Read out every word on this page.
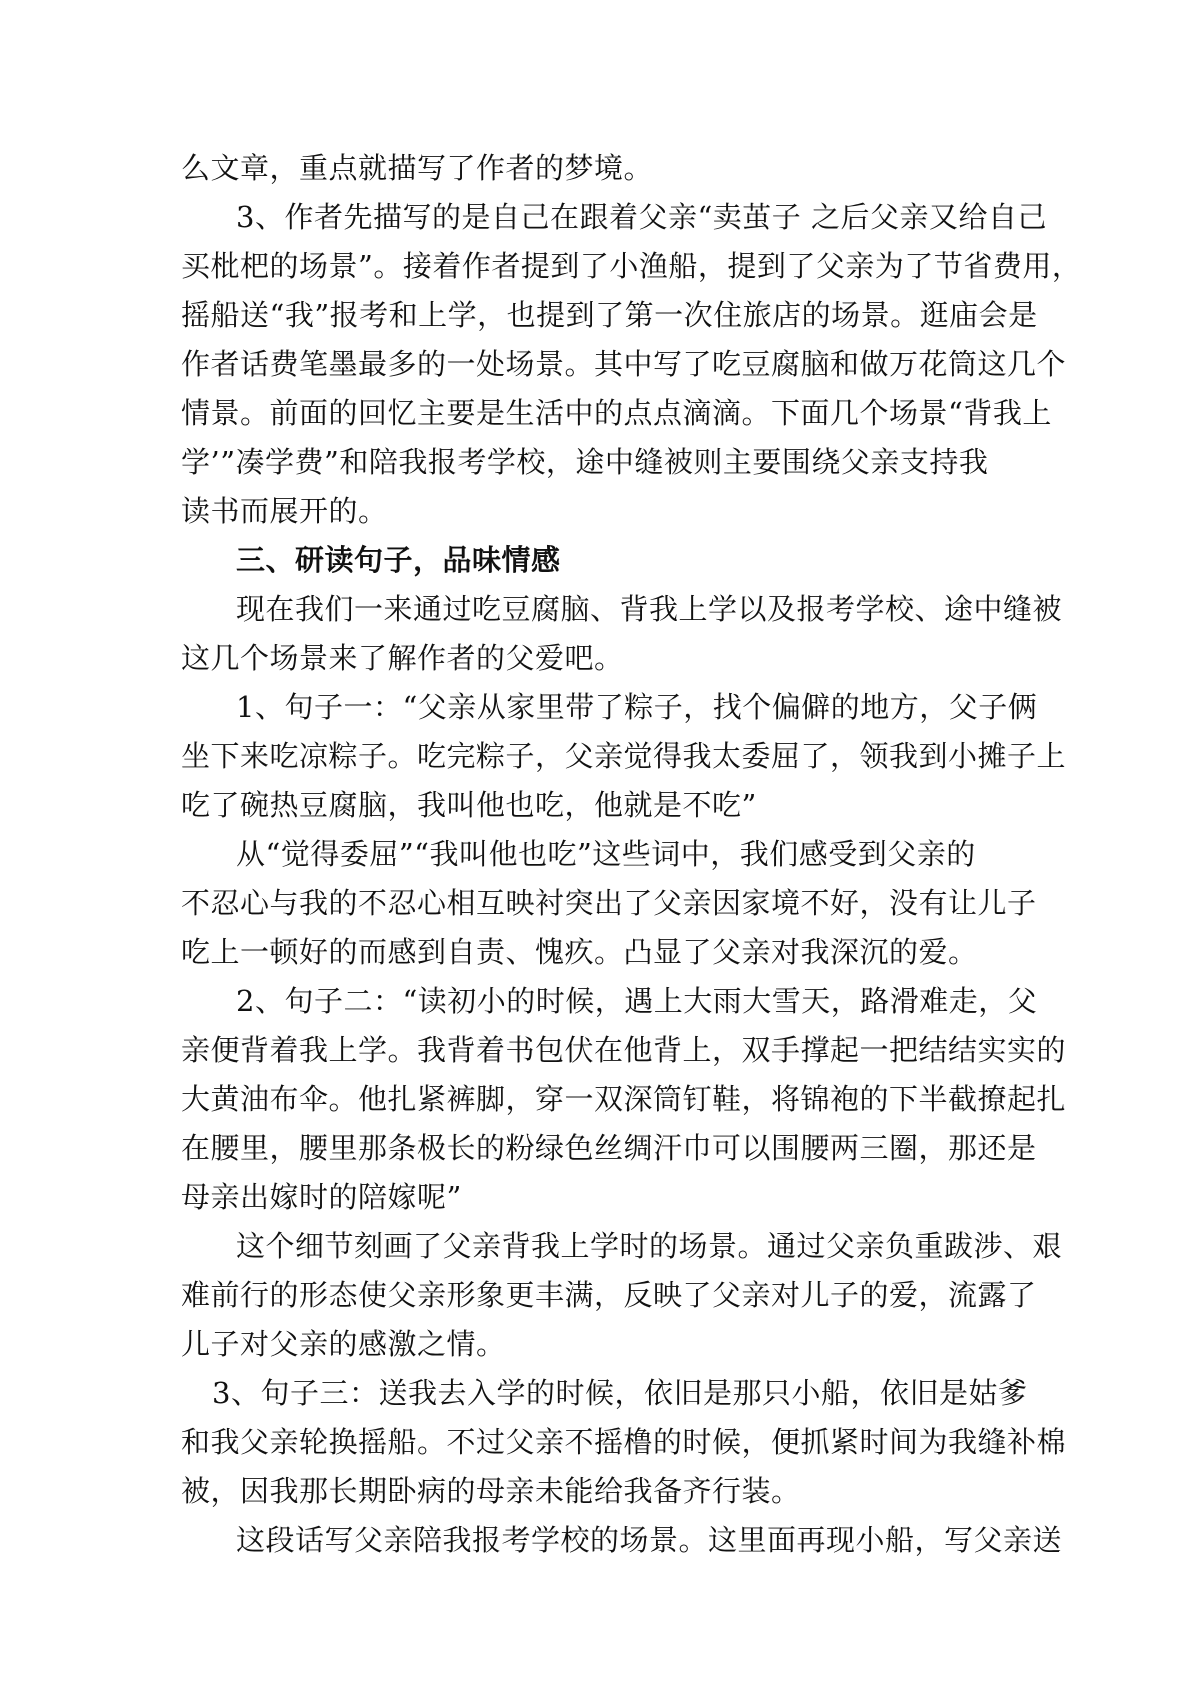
么文章，重点就描写了作者的梦境。
3、作者先描写的是自己在跟着父亲“卖茧子 之后父亲又给自己
买枇杷的场景”。接着作者提到了小渔船，提到了父亲为了节省费用，
摇船送“我”报考和上学，也提到了第一次住旅店的场景。逛庙会是
作者话费笔墨最多的一处场景。其中写了吃豆腐脑和做万花筒这几个
情景。前面的回忆主要是生活中的点点滴滴。下面几个场景“背我上
学’”凑学费”和陪我报考学校，途中缝被则主要围绕父亲支持我
读书而展开的。
三、研读句子，品味情感
现在我们一来通过吃豆腐脑、背我上学以及报考学校、途中缝被
这几个场景来了解作者的父爱吧。
1、句子一：“父亲从家里带了粽子，找个偏僻的地方，父子俩
坐下来吃凉粽子。吃完粽子，父亲觉得我太委屈了，领我到小摊子上
吃了碗热豆腐脑，我叫他也吃，他就是不吃”
从“觉得委屈”“我叫他也吃”这些词中，我们感受到父亲的
不忍心与我的不忍心相互映衬突出了父亲因家境不好，没有让儿子
吃上一顿好的而感到自责、愧疚。凸显了父亲对我深沉的爱。
2、句子二：“读初小的时候，遇上大雨大雪天，路滑难走，父
亲便背着我上学。我背着书包伏在他背上，双手撑起一把结结实实的
大黄油布伞。他扎紧裤脚，穿一双深筒钉鞋，将锦袍的下半截撩起扎
在腰里，腰里那条极长的粉绿色丝绸汗巾可以围腰两三圈，那还是
母亲出嫁时的陪嫁呢”
这个细节刻画了父亲背我上学时的场景。通过父亲负重跋涉、艰
难前行的形态使父亲形象更丰满，反映了父亲对儿子的爱，流露了
儿子对父亲的感激之情。
3、句子三：送我去入学的时候，依旧是那只小船，依旧是姑爹
和我父亲轮换摇船。不过父亲不摇橹的时候，便抓紧时间为我缝补棉
被，因我那长期卧病的母亲未能给我备齐行装。
这段话写父亲陪我报考学校的场景。这里面再现小船，写父亲送
